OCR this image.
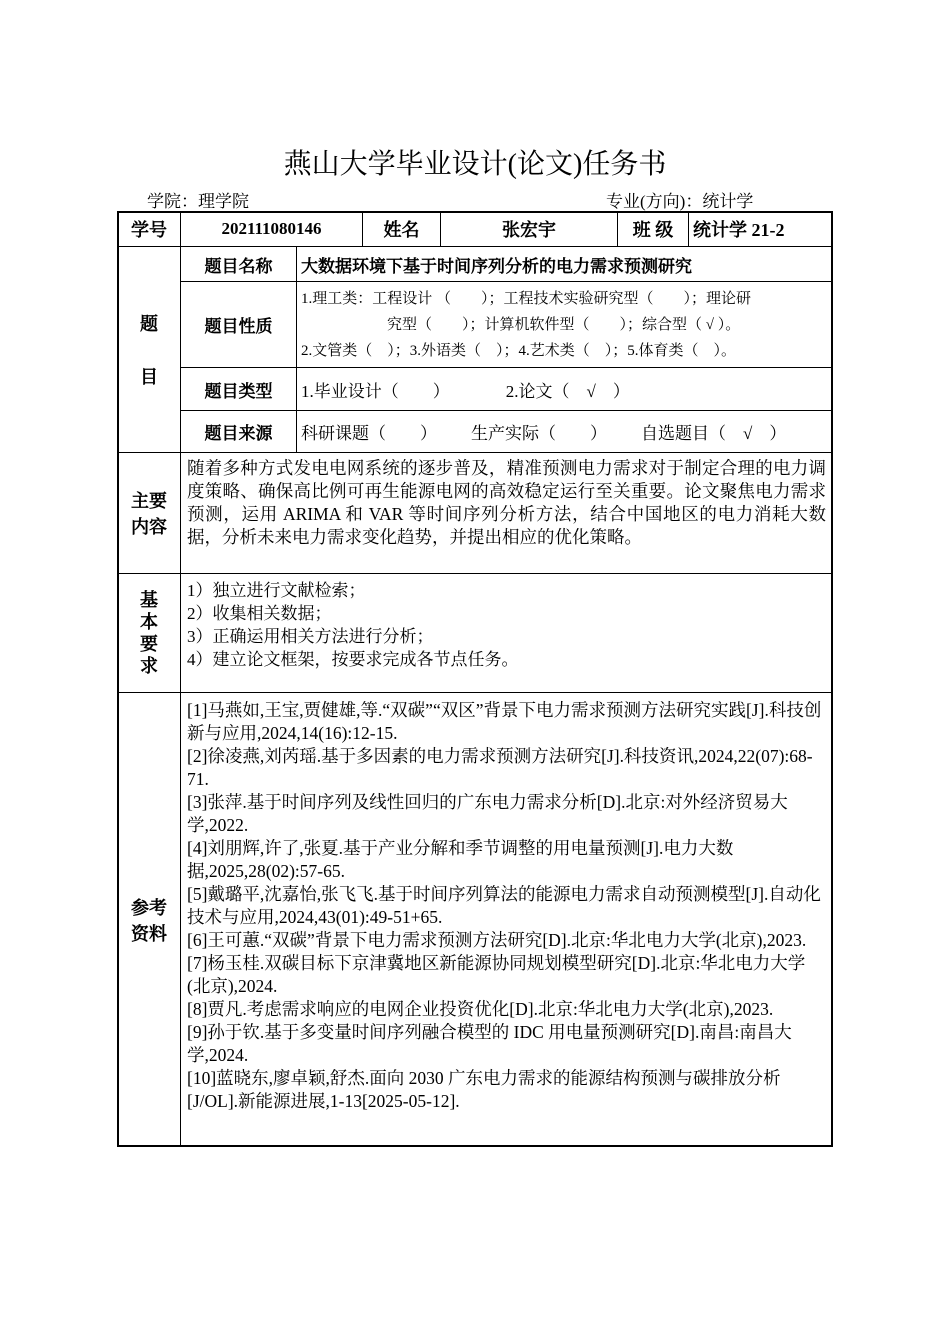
燕山大学毕业设计(论文)任务书
学院：理学院	专业(方向)：统计学
学号	202111080146	姓名	张宏宇	班 级	统计学 21-2
题
目
题目名称	大数据环境下基于时间序列分析的电力需求预测研究
题目性质
1.理工类：工程设计 （　　）；工程技术实验研究型（　　）；理论研
究型（　　）；计算机软件型（　　）；综合型（ √ ）。
2.文管类（　）；3.外语类（　）；4.艺术类（　）；5.体育类（　）。
题目类型	1.毕业设计（　　）	2.论文（　√　）
题目来源	科研课题（　　） 生产实际（　　） 自选题目（　√　）
主要内容
随着多种方式发电电网系统的逐步普及，精准预测电力需求对于制定合理的电力调度策略、确保高比例可再生能源电网的高效稳定运行至关重要。论文聚焦电力需求预测，运用 ARIMA 和 VAR 等时间序列分析方法，结合中国地区的电力消耗大数据，分析未来电力需求变化趋势，并提出相应的优化策略。
基本要求
1）独立进行文献检索；
2）收集相关数据；
3）正确运用相关方法进行分析；
4）建立论文框架，按要求完成各节点任务。
参考资料
[1]马燕如,王宝,贾健雄,等.“双碳”“双区”背景下电力需求预测方法研究实践[J].科技创新与应用,2024,14(16):12-15.
[2]徐凌燕,刘芮瑶.基于多因素的电力需求预测方法研究[J].科技资讯,2024,22(07):68-71.
[3]张萍.基于时间序列及线性回归的广东电力需求分析[D].北京:对外经济贸易大学,2022.
[4]刘朋辉,许了,张夏.基于产业分解和季节调整的用电量预测[J].电力大数据,2025,28(02):57-65.
[5]戴璐平,沈嘉怡,张飞飞.基于时间序列算法的能源电力需求自动预测模型[J].自动化技术与应用,2024,43(01):49-51+65.
[6]王可蕙.“双碳”背景下电力需求预测方法研究[D].北京:华北电力大学(北京),2023.
[7]杨玉桂.双碳目标下京津冀地区新能源协同规划模型研究[D].北京:华北电力大学(北京),2024.
[8]贾凡.考虑需求响应的电网企业投资优化[D].北京:华北电力大学(北京),2023.
[9]孙于钦.基于多变量时间序列融合模型的 IDC 用电量预测研究[D].南昌:南昌大学,2024.
[10]蓝晓东,廖卓颖,舒杰.面向 2030 广东电力需求的能源结构预测与碳排放分析[J/OL].新能源进展,1-13[2025-05-12].
